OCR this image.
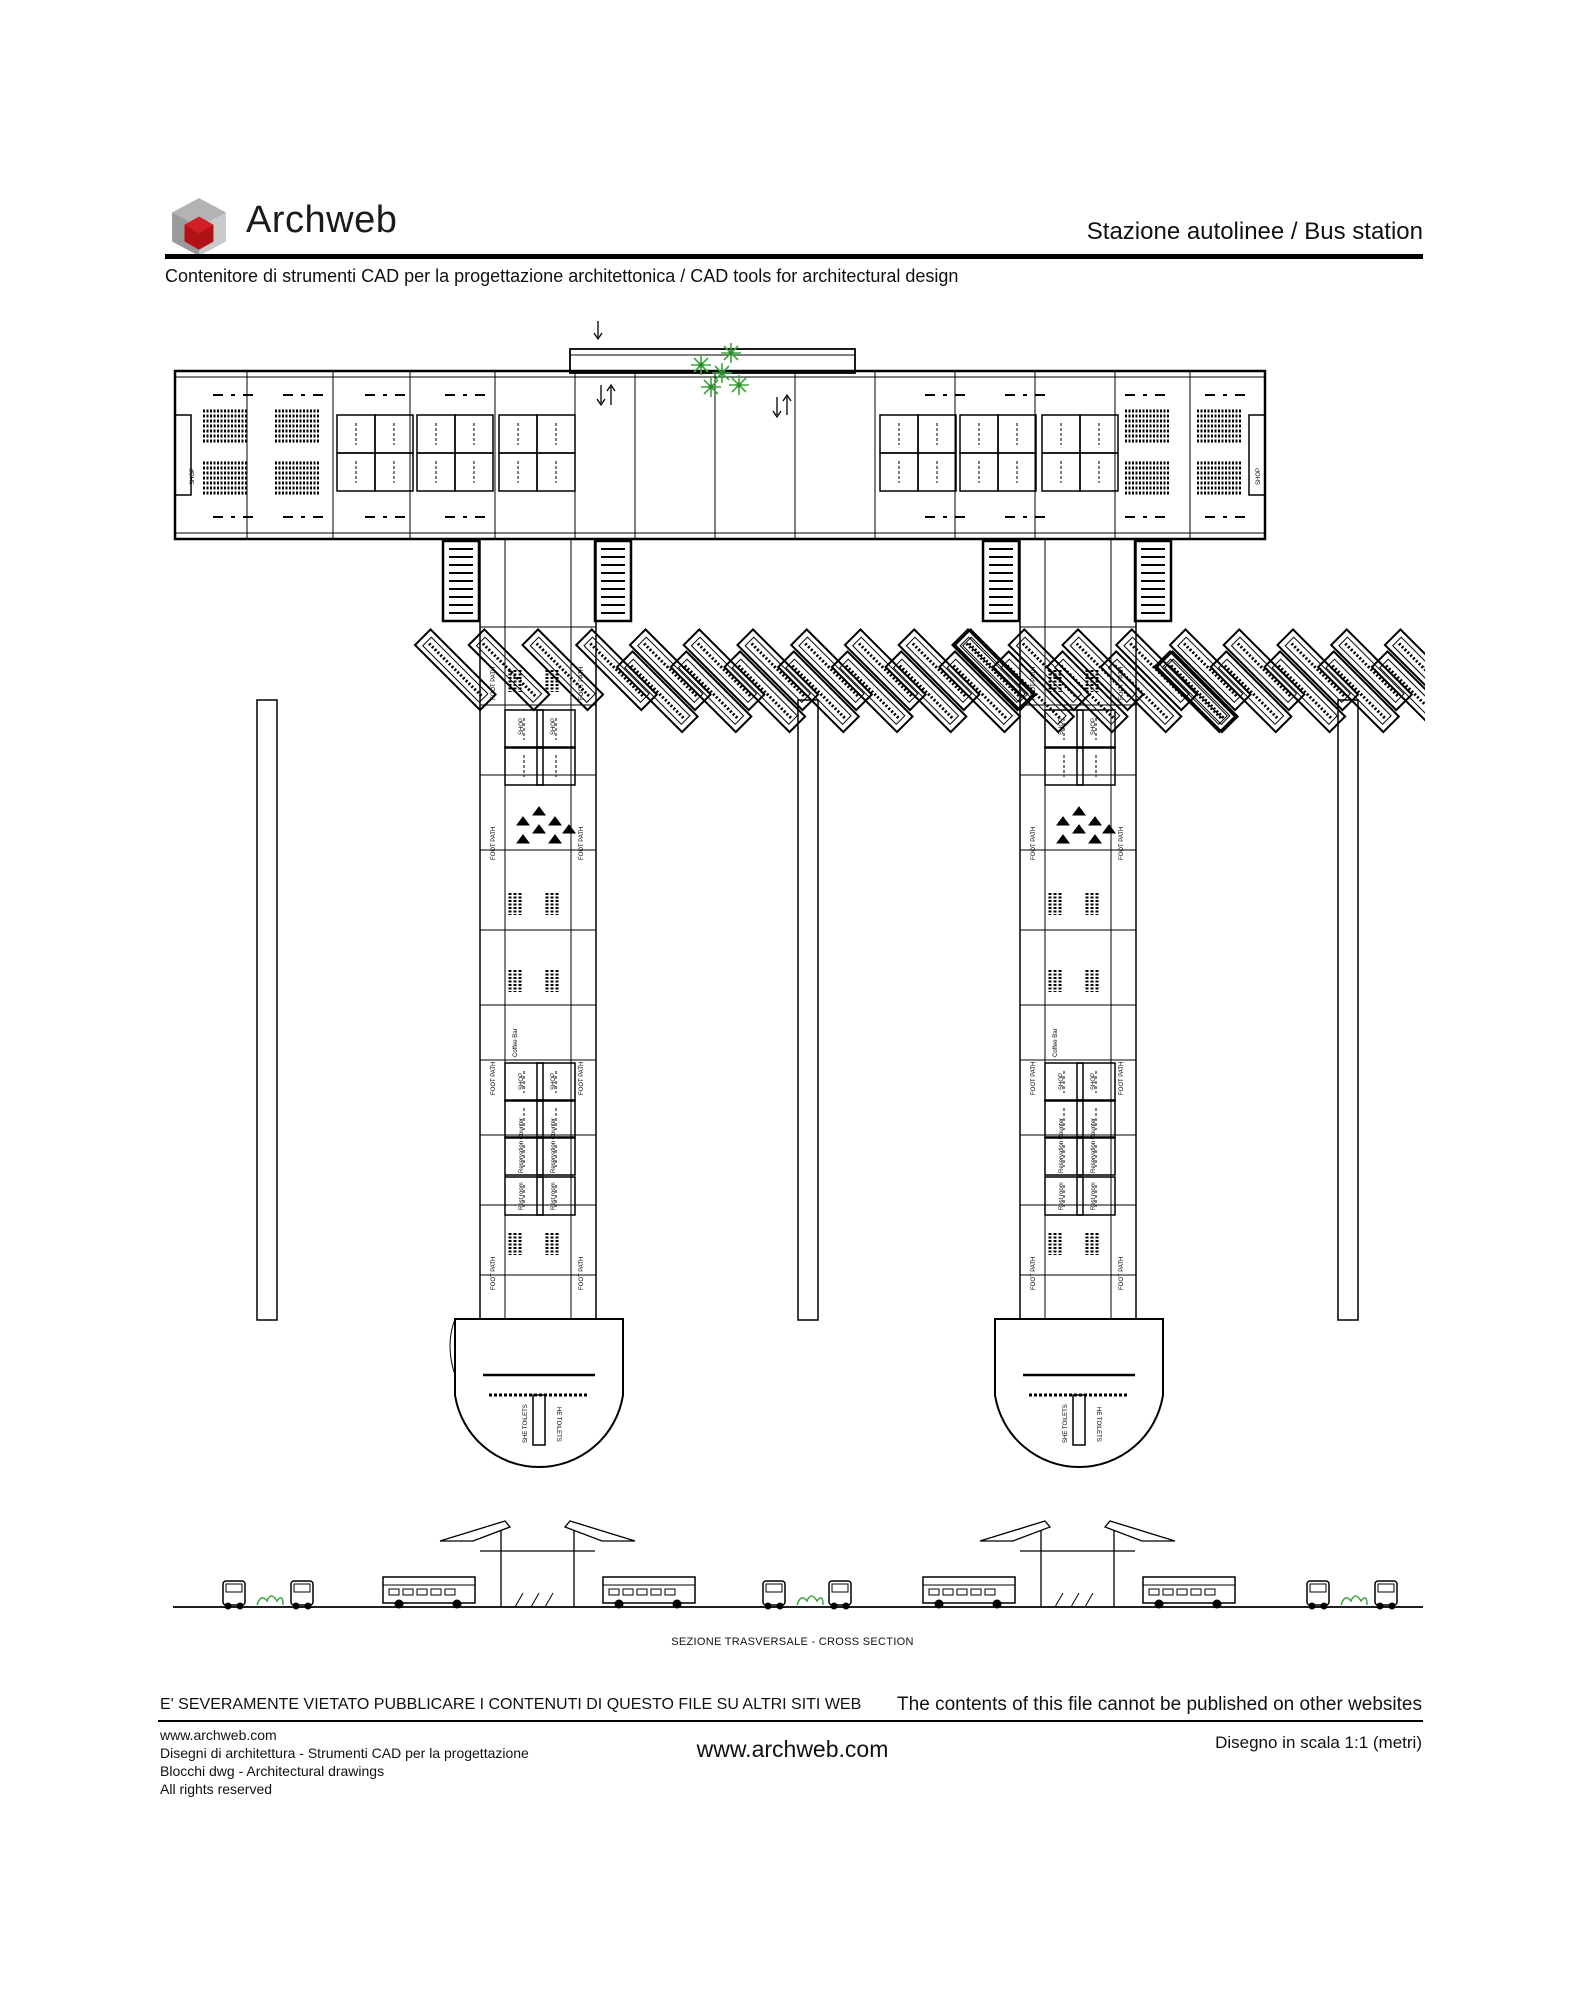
Archweb	Stazione autolinee / Bus station
Contenitore di strumenti CAD per la progettazione architettonica / CAD tools for architectural design
FOOT PATH	FOOT PATH
FOOT PATH	FOOT PATH
FOOT PATH	FOOT PATH
FOOT PATH	FOOT PATH
FOOT PATH	FOOT PATH
FOOT PATH	FOOT PATH
FOOT PATH	FOOT PATH
FOOT PATH	FOOT PATH
SHOP	SHOP
SHOP	SHOP	SHOP	SHOP
SHOP	SHOP	SHOP	SHOP
Coffee Bar	Coffee Bar
Reservation Counter	Reservation Counter	Reservation Counter	Reservation Counter
Rest room	Rest room	Rest room	Rest room
SHE TOILETS	HE TOILETS	SHE TOILETS	HE TOILETS
SEZIONE TRASVERSALE - CROSS SECTION
E' SEVERAMENTE VIETATO PUBBLICARE I CONTENUTI DI QUESTO FILE SU ALTRI SITI WEB The contents of this file cannot be published on other websites
www.archweb.com
Disegni di architettura - Strumenti CAD per la progettazione
Blocchi dwg - Architectural drawings
All rights reserved
www.archweb.com	Disegno in scala 1:1 (metri)
